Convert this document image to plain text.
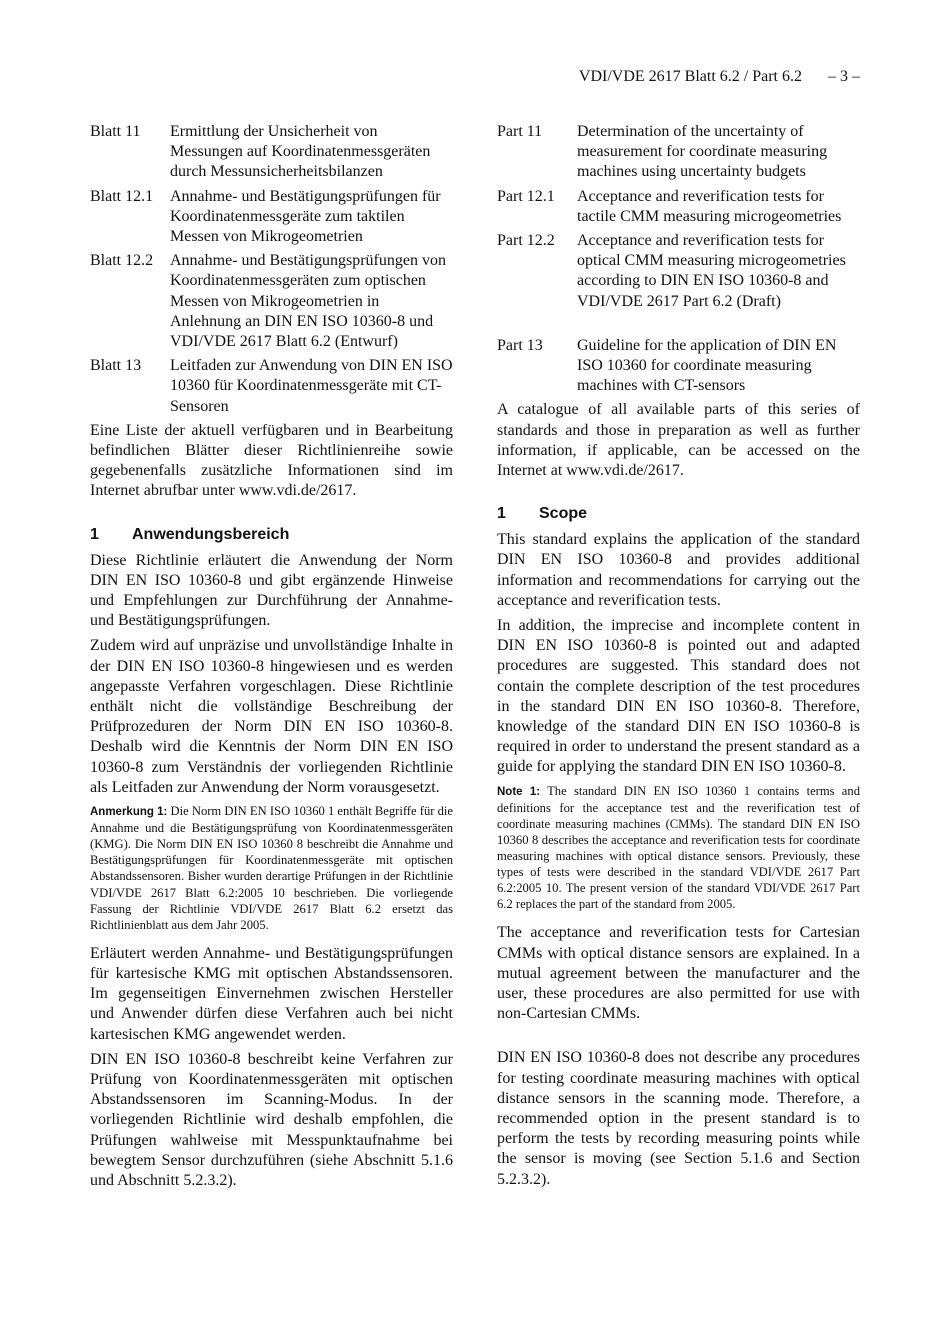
VDI/VDE 2617 Blatt 6.2 / Part 6.2 – 3 –
Blatt 11	Ermittlung der Unsicherheit von Messungen auf Koordinatenmessgeräten durch Messunsicherheitsbilanzen
Blatt 12.1	Annahme- und Bestätigungsprüfungen für Koordinatenmessgeräte zum taktilen Messen von Mikrogeometrien
Blatt 12.2	Annahme- und Bestätigungsprüfungen von Koordinatenmessgeräten zum optischen Messen von Mikrogeometrien in Anlehnung an DIN EN ISO 10360-8 und VDI/VDE 2617 Blatt 6.2 (Entwurf)
Blatt 13	Leitfaden zur Anwendung von DIN EN ISO 10360 für Koordinatenmessgeräte mit CT-Sensoren

Eine Liste der aktuell verfügbaren und in Bearbeitung befindlichen Blätter dieser Richtlinienreihe sowie gegebenenfalls zusätzliche Informationen sind im Internet abrufbar unter www.vdi.de/2617.

1 Anwendungsbereich

Diese Richtlinie erläutert die Anwendung der Norm DIN EN ISO 10360-8 und gibt ergänzende Hinweise und Empfehlungen zur Durchführung der Annahme- und Bestätigungsprüfungen.

Zudem wird auf unpräzise und unvollständige Inhalte in der DIN EN ISO 10360-8 hingewiesen und es werden angepasste Verfahren vorgeschlagen. Diese Richtlinie enthält nicht die vollständige Beschreibung der Prüfprozeduren der Norm DIN EN ISO 10360-8. Deshalb wird die Kenntnis der Norm DIN EN ISO 10360-8 zum Verständnis der vorliegenden Richtlinie als Leitfaden zur Anwendung der Norm vorausgesetzt.

Anmerkung 1: Die Norm DIN EN ISO 10360 1 enthält Begriffe für die Annahme und die Bestätigungsprüfung von Koordinatenmessgeräten (KMG). Die Norm DIN EN ISO 10360 8 beschreibt die Annahme und Bestätigungsprüfungen für Koordinatenmessgeräte mit optischen Abstandssensoren. Bisher wurden derartige Prüfungen in der Richtlinie VDI/VDE 2617 Blatt 6.2:2005 10 beschrieben. Die vorliegende Fassung der Richtlinie VDI/VDE 2617 Blatt 6.2 ersetzt das Richtlinienblatt aus dem Jahr 2005.

Erläutert werden Annahme- und Bestätigungsprüfungen für kartesische KMG mit optischen Abstandssensoren. Im gegenseitigen Einvernehmen zwischen Hersteller und Anwender dürfen diese Verfahren auch bei nicht kartesischen KMG angewendet werden.

DIN EN ISO 10360-8 beschreibt keine Verfahren zur Prüfung von Koordinatenmessgeräten mit optischen Abstandssensoren im Scanning-Modus. In der vorliegenden Richtlinie wird deshalb empfohlen, die Prüfungen wahlweise mit Messpunktaufnahme bei bewegtem Sensor durchzuführen (siehe Abschnitt 5.1.6 und Abschnitt 5.2.3.2).

Part 11	Determination of the uncertainty of measurement for coordinate measuring machines using uncertainty budgets
Part 12.1	Acceptance and reverification tests for tactile CMM measuring microgeometries
Part 12.2	Acceptance and reverification tests for optical CMM measuring microgeometries according to DIN EN ISO 10360-8 and VDI/VDE 2617 Part 6.2 (Draft)
Part 13	Guideline for the application of DIN EN ISO 10360 for coordinate measuring machines with CT-sensors

A catalogue of all available parts of this series of standards and those in preparation as well as further information, if applicable, can be accessed on the Internet at www.vdi.de/2617.

1 Scope

This standard explains the application of the standard DIN EN ISO 10360-8 and provides additional information and recommendations for carrying out the acceptance and reverification tests.

In addition, the imprecise and incomplete content in DIN EN ISO 10360-8 is pointed out and adapted procedures are suggested. This standard does not contain the complete description of the test procedures in the standard DIN EN ISO 10360-8. Therefore, knowledge of the standard DIN EN ISO 10360-8 is required in order to understand the present standard as a guide for applying the standard DIN EN ISO 10360-8.

Note 1: The standard DIN EN ISO 10360 1 contains terms and definitions for the acceptance test and the reverification test of coordinate measuring machines (CMMs). The standard DIN EN ISO 10360 8 describes the acceptance and reverification tests for coordinate measuring machines with optical distance sensors. Previously, these types of tests were described in the standard VDI/VDE 2617 Part 6.2:2005 10. The present version of the standard VDI/VDE 2617 Part 6.2 replaces the part of the standard from 2005.

The acceptance and reverification tests for Cartesian CMMs with optical distance sensors are explained. In a mutual agreement between the manufacturer and the user, these procedures are also permitted for use with non-Cartesian CMMs.

DIN EN ISO 10360-8 does not describe any procedures for testing coordinate measuring machines with optical distance sensors in the scanning mode. Therefore, a recommended option in the present standard is to perform the tests by recording measuring points while the sensor is moving (see Section 5.1.6 and Section 5.2.3.2).
